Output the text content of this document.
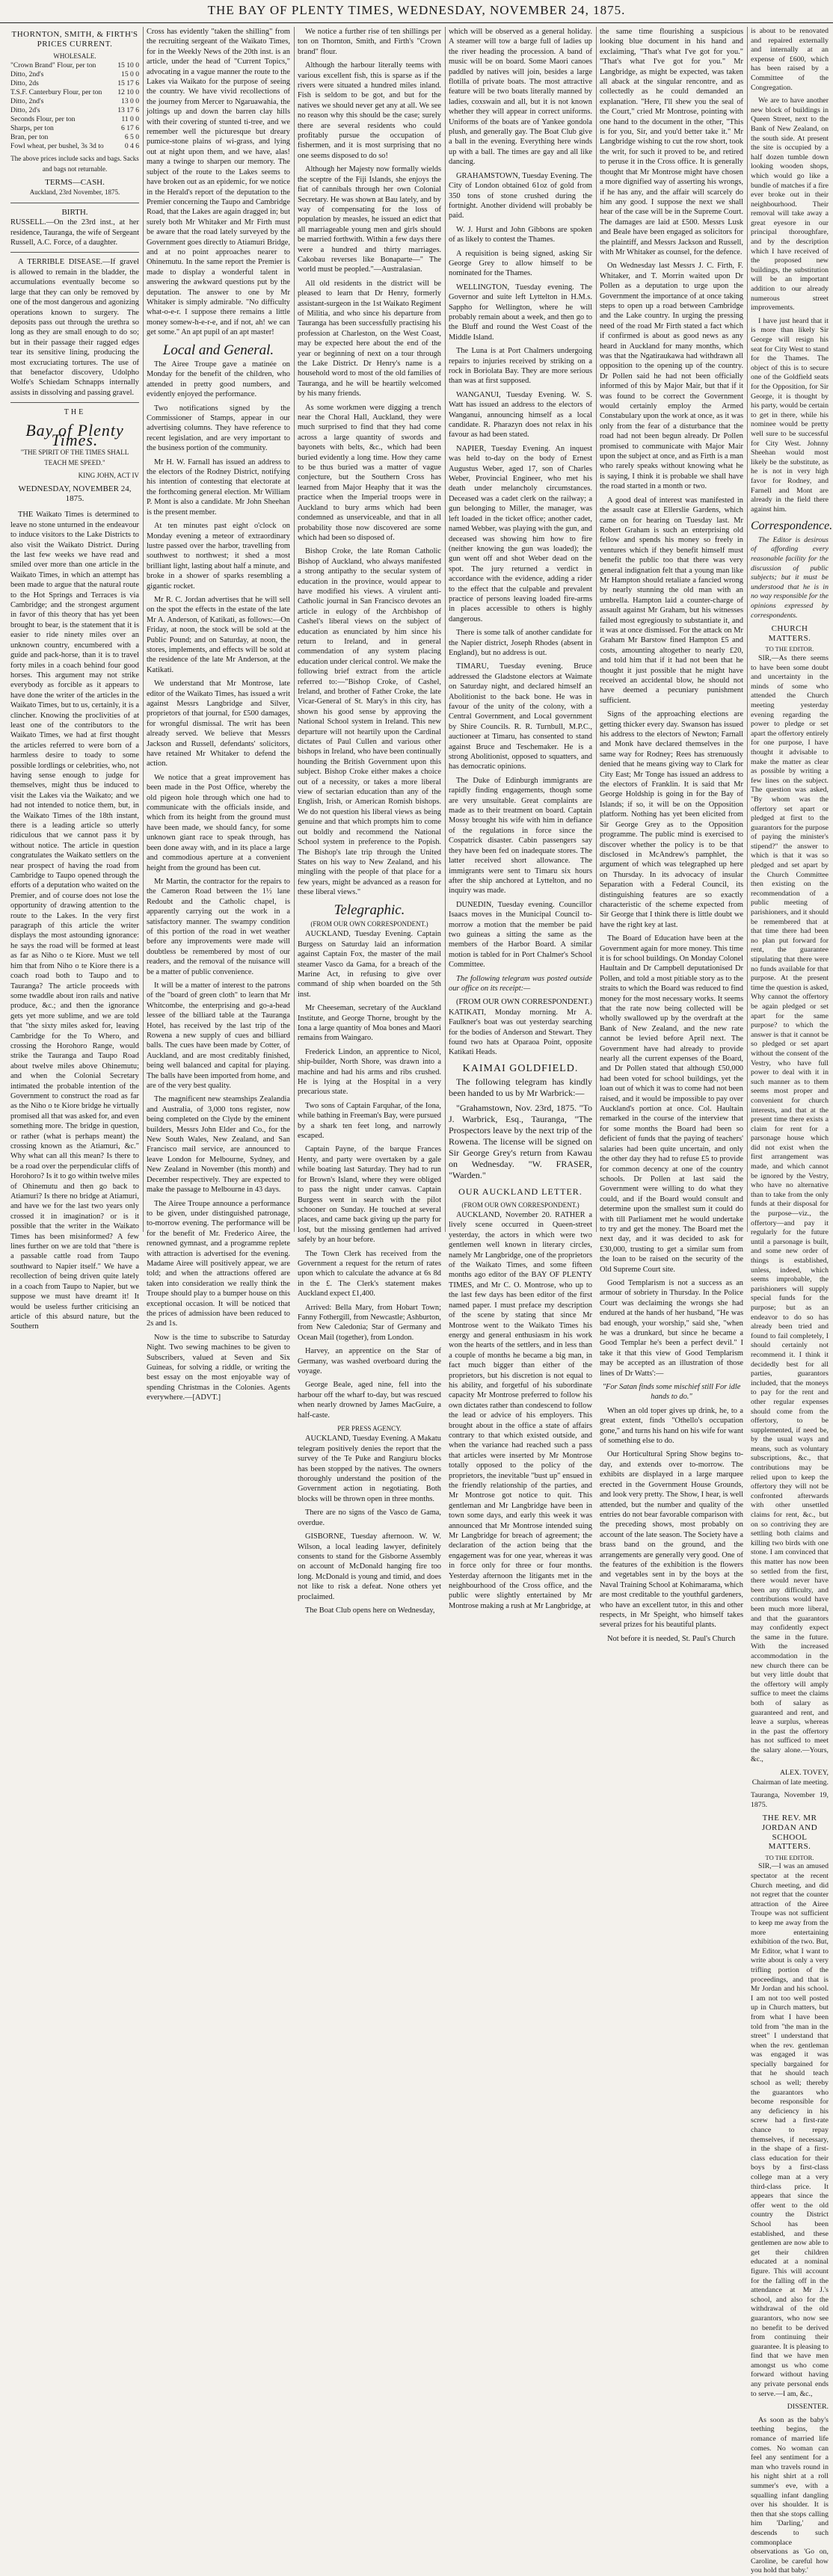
THE BAY OF PLENTY TIMES, WEDNESDAY, NOVEMBER 24, 1875.
THORNTON, SMITH, & FIRTH'S PRICES CURRENT.
WHOLESALE.
"Crown Brand" Flour, per ton	15 10 0
Ditto, 2nd's	15 0 0
Ditto, 2ds	15 17 6
T.S.F. Canterbury Flour, per ton 12 10 0
Ditto, 2nd's	13 0 0
Ditto, 2d's	13 17 6
Seconds Flour, per ton	11 0 0
Sharps, per ton	6 17 6
Bran, per ton	6 5 0
Fowl wheat, per bushel, 3s 3d to	0 4 6

The above prices include sacks and bags. Sacks and bags not returnable.

TERMS—CASH.
Auckland, 23rd November, 1875.
BIRTH.

RUSSELL.—On the 23rd inst., at her residence, Tauranga, the wife of Sergeant Russell, A.C. Force, of a daughter.

A TERRIBLE DISEASE.—If gravel is allowed to remain in the bladder, the accumulations eventually become so large that they can only be removed by one of the most dangerous and agonizing operations known to surgery. The deposits pass out through the urethra so long as they are small enough to do so; but in their passage their ragged edges tear its sensitive lining, producing the most excruciating tortures. The use of that benefactor discovery, Udolpho Wolfe's Schiedam Schnapps internally assists in dissolving and passing gravel.

THE
Bay of Plenty Times.
"THE SPIRIT OF THE TIMES SHALL TEACH ME SPEED."
KING JOHN, ACT IV
WEDNESDAY, NOVEMBER 24, 1875.

THE Waikato Times is determined to leave no stone unturned in the endeavour to induce visitors to the Lake Districts to also visit the Waikato District. During the last few weeks we have read and smiled over more than one article in the Waikato Times, in which an attempt has been made to argue that the natural route to the Hot Springs and Terraces is via Cambridge; and the strongest argument in favor of this theory that has yet been brought to bear, is the statement that it is easier to ride ninety miles over an unknown country, encumbered with a guide and pack-horse, than it is to travel forty miles in a coach behind four good horses. This argument may not strike everybody as forcible as it appears to have done the writer of the articles in the Waikato Times, but to us, certainly, it is a clincher. Knowing the proclivities of at least one of the contributors to the Waikato Times, we had at first thought the articles referred to were born of a harmless desire to toady to some possible lordlings or celebrities, who, not having sense enough to judge for themselves, might thus be induced to visit the Lakes via the Waikato; and we had not intended to notice them, but, in the Waikato Times of the 18th instant, there is a leading article so utterly ridiculous that we cannot pass it by without notice. The article in question congratulates the Waikato settlers on the near prospect of having the road from Cambridge to Taupo opened through the efforts of a deputation who waited on the Premier, and of course does not lose the opportunity of drawing attention to the route to the Lakes. In the very first paragraph of this article the writer displays the most astounding ignorance: he says the road will be formed at least as far as Niho o te Kiore. Must we tell him that from Niho o te Kiore there is a coach road both to Taupo and to Tauranga? The article proceeds with some twaddle about iron rails and native produce, &c.; and then the ignorance gets yet more sublime, and we are told that "the sixty miles asked for, leaving Cambridge for the To Whero, and crossing the Horohoro Range, would strike the Tauranga and Taupo Road about twelve miles above Ohinemutu; and when the Colonial Secretary intimated the probable intention of the Government to construct the road as far as the Niho o te Kiore bridge he virtually promised all that was asked for, and even something more. The bridge in question, or rather (what is perhaps meant) the crossing known as the Atiamuri, &c." Why what can all this mean? Is there to be a road over the perpendicular cliffs of Horohoro? Is it to go within twelve miles of Ohinemutu and then go back to Atiamuri? Is there no bridge at Atiamuri, and have we for the last two years only crossed it in imagination? or is it possible that the writer in the Waikato Times has been misinformed? A few lines further on we are told that "there is a passable cattle road from Taupo southward to Napier itself." We have a recollection of being driven quite lately in a coach from Taupo to Napier, but we suppose we must have dreamt it! It would be useless further criticising an article of this absurd nature, but the Southern

Cross has evidently "taken the shilling" from the recruiting sergeant of the Waikato Times, for in the Weekly News of the 20th inst. is an article, under the head of "Current Topics," advocating in a vague manner the route to the Lakes via Waikato for the purpose of seeing the country. We have vivid recollections of the journey from Mercer to Ngaruawahia, the joltings up and down the barren clay hills with their covering of stunted ti-tree, and we remember well the picturesque but dreary pumice-stone plains of wi-grass, and lying out at night upon them, and we have, alas! many a twinge to sharpen our memory. The subject of the route to the Lakes seems to have broken out as an epidemic, for we notice in the Herald's report of the deputation to the Premier concerning the Taupo and Cambridge Road, that the Lakes are again dragged in; but surely both Mr Whitaker and Mr Firth must be aware that the road lately surveyed by the Government goes directly to Atiamuri Bridge, and at no point approaches nearer to Ohinemutu. In the same report the Premier is made to display a wonderful talent in answering the awkward questions put by the deputation. The answer to one by Mr Whitaker is simply admirable. "No difficulty what-o-e-r. I suppose there remains a little money somew-h-e-r-e, and if not, ah! we can get some." An apt pupil of an apt master!

Local and General.

The Airee Troupe gave a matinée on Monday for the benefit of the children, who attended in pretty good numbers, and evidently enjoyed the performance.

Two notifications signed by the Commissioner of Stamps, appear in our advertising columns. They have reference to recent legislation, and are very important to the business portion of the community.

Mr H. W. Farnall has issued an address to the electors of the Rodney District, notifying his intention of contesting that electorate at the forthcoming general election. Mr William P. Mont is also a candidate. Mr John Sheehan is the present member.

At ten minutes past eight o'clock on Monday evening a meteor of extraordinary lustre passed over the harbor, travelling from southwest to northwest; it shed a most brilliant light, lasting about half a minute, and broke in a shower of sparks resembling a gigantic rocket.

Mr R. C. Jordan advertises that he will sell on the spot the effects in the estate of the late Mr A. Anderson, of Katikati, as follows:—On Friday, at noon, the stock will be sold at the Public Pound; and on Saturday, at noon, the stores, implements, and effects will be sold at the residence of the late Mr Anderson, at the Katikati.

We understand that Mr Montrose, late editor of the Waikato Times, has issued a writ against Messrs Langbridge and Silver, proprietors of that journal, for £500 damages, for wrongful dismissal. The writ has been already served. We believe that Messrs Jackson and Russell, defendants' solicitors, have retained Mr Whitaker to defend the action.

We notice that a great improvement has been made in the Post Office, whereby the old pigeon hole through which one had to communicate with the officials inside, and which from its height from the ground must have been made, we should fancy, for some unknown giant race to speak through, has been done away with, and in its place a large and commodious aperture at a convenient height from the ground has been cut.

Mr Martin, the contractor for the repairs to the Cameron Road between the 1½ lane Redoubt and the Catholic chapel, is apparently carrying out the work in a satisfactory manner. The swampy condition of this portion of the road in wet weather before any improvements were made will doubtless be remembered by most of our readers, and the removal of the nuisance will be a matter of public convenience.

It will be a matter of interest to the patrons of the "board of green cloth" to learn that Mr Whitcombe, the enterprising and go-a-head lessee of the billiard table at the Tauranga Hotel, has received by the last trip of the Rowena a new supply of cues and billiard balls. The cues have been made by Cotter, of Auckland, and are most creditably finished, being well balanced and capital for playing. The balls have been imported from home, and are of the very best quality.

The magnificent new steamships Zealandia and Australia, of 3,000 tons register, now being completed on the Clyde by the eminent builders, Messrs John Elder and Co., for the New South Wales, New Zealand, and San Francisco mail service, are announced to leave London for Melbourne, Sydney, and New Zealand in November (this month) and December respectively. They are expected to make the passage to Melbourne in 43 days.

The Airee Troupe announce a performance to be given, under distinguished patronage, to-morrow evening. The performance will be for the benefit of Mr. Frederico Airee, the renowned gymnast, and a programme replete with attraction is advertised for the evening. Madame Airee will positively appear, we are told; and when the attractions offered are taken into consideration we really think the Troupe should play to a bumper house on this exceptional occasion. It will be noticed that the prices of admission have been reduced to 2s and 1s.

Now is the time to subscribe to Saturday Night. Two sewing machines to be given to Subscribers, valued at Seven and Six Guineas, for solving a riddle, or writing the best essay on the most enjoyable way of spending Christmas in the Colonies. Agents everywhere.—[ADVT.]

We notice a further rise of ten shillings per ton on Thornton, Smith, and Firth's "Crown brand" flour.

Although the harbour literally teems with various excellent fish, this is sparse as if the rivers were situated a hundred miles inland. Fish is seldom to be got, and but for the natives we should never get any at all. We see no reason why this should be the case; surely there are several residents who could profitably pursue the occupation of fishermen, and it is most surprising that no one seems disposed to do so!

Although her Majesty now formally wields the sceptre of the Fiji Islands, she enjoys the fiat of cannibals through her own Colonial Secretary. He was shown at Bau lately, and by way of compensating for the loss of population by measles, he issued an edict that all marriageable young men and girls should be married forthwith. Within a few days there were a hundred and thirty marriages. Cakobau reverses like Bonaparte—" The world must be peopled."—Australasian.

All old residents in the district will be pleased to learn that Dr Henry, formerly assistant-surgeon in the 1st Waikato Regiment of Militia, and who since his departure from Tauranga has been successfully practising his profession at Charleston, on the West Coast, may be expected here about the end of the year or beginning of next on a tour through the Lake District. Dr Henry's name is a household word to most of the old families of Tauranga, and he will be heartily welcomed by his many friends.

As some workmen were digging a trench near the Choral Hall, Auckland, they were much surprised to find that they had come across a large quantity of swords and bayonets with belts, &c., which had been buried evidently a long time. How they came to be thus buried was a matter of vague conjecture, but the Southern Cross has learned from Major Heaphy that it was the practice when the Imperial troops were in Auckland to bury arms which had been condemned as unserviceable, and that in all probability those now discovered are some which had been so disposed of.

Bishop Croke, the late Roman Catholic Bishop of Auckland, who always manifested a strong antipathy to the secular system of education in the province, would appear to have modified his views. A virulent anti-Catholic journal in San Francisco devotes an article in eulogy of the Archbishop of Cashel's liberal views on the subject of education as enunciated by him since his return to Ireland, and in general commendation of any system placing education under clerical control. We make the following brief extract from the article referred to:—"Bishop Croke, of Cashel, Ireland, and brother of Father Croke, the late Vicar-General of St. Mary's in this city, has shown his good sense by approving the National School system in Ireland. This new departure will not heartily upon the Cardinal dictates of Paul Cullen and various other bishops in Ireland, who have been continually hounding the British Government upon this subject. Bishop Croke either makes a choice out of a necessity, or takes a more liberal view of sectarian education than any of the English, Irish, or American Romish bishops. We do not question his liberal views as being genuine and that which prompts him to come out boldly and recommend the National School system in preference to the Popish. The Bishop's late trip through the United States on his way to New Zealand, and his mingling with the people of that place for a few years, might be advanced as a reason for these liberal views."

Telegraphic.
(FROM OUR OWN CORRESPONDENT.)

AUCKLAND, Tuesday Evening. Captain Burgess on Saturday laid an information against Captain Fox, the master of the mail steamer Vasco da Gama, for a breach of the Marine Act, in refusing to give over command of ship when boarded on the 5th inst.

Mr Cheeseman, secretary of the Auckland Institute, and George Thorne, brought by the Iona a large quantity of Moa bones and Maori remains from Waingaro.

Frederick Lindon, an apprentice to Nicol, ship-builder, North Shore, was drawn into a machine and had his arms and ribs crushed. He is lying at the Hospital in a very precarious state.

Two sons of Captain Farquhar, of the Iona, while bathing in Freeman's Bay, were pursued by a shark ten feet long, and narrowly escaped.

Captain Payne, of the barque Frances Henty, and party were overtaken by a gale while boating last Saturday. They had to run for Brown's Island, where they were obliged to pass the night under canvas. Captain Burgess went in search with the pilot schooner on Sunday. He touched at several places, and came back giving up the party for lost, but the missing gentlemen had arrived safely by an hour before.

The Town Clerk has received from the Government a request for the return of rates upon which to calculate the advance at 6s 8d in the £. The Clerk's statement makes Auckland expect £1,400.

Arrived: Bella Mary, from Hobart Town; Fanny Fothergill, from Newcastle; Ashburton, from New Caledonia; Star of Germany and Ocean Mail (together), from London.

Harvey, an apprentice on the Star of Germany, was washed overboard during the voyage.

George Beale, aged nine, fell into the harbour off the wharf to-day, but was rescued when nearly drowned by James MacGuire, a half-caste.

PER PRESS AGENCY.

AUCKLAND, Tuesday Evening. A Makatu telegram positively denies the report that the survey of the Te Puke and Rangiuru blocks has been stopped by the natives. The owners thoroughly understand the position of the Government action in negotiating. Both blocks will be thrown open in three months.

There are no signs of the Vasco de Gama, overdue.

GISBORNE, Tuesday afternoon. W. W. Wilson, a local leading lawyer, definitely consents to stand for the Gisborne Assembly on account of McDonald hanging fire too long. McDonald is young and timid, and does not like to risk a defeat. None others yet proclaimed.

The Boat Club opens here on Wednesday,

which will be observed as a general holiday. A steamer will tow a barge full of ladies up the river heading the procession. A band of music will be on board. Some Maori canoes paddled by natives will join, besides a large flotilla of private boats. The most attractive feature will be two boats literally manned by ladies, coxswain and all, but it is not known whether they will appear in correct uniforms. Uniforms of the boats are of Yankee gondola plush, and generally gay. The Boat Club give a ball in the evening. Everything here winds up with a ball. The times are gay and all like dancing.

GRAHAMSTOWN, Tuesday Evening. The City of London obtained 61oz of gold from 350 tons of stone crushed during the fortnight. Another dividend will probably be paid.

W. J. Hurst and John Gibbons are spoken of as likely to contest the Thames.

A requisition is being signed, asking Sir George Grey to allow himself to be nominated for the Thames.

WELLINGTON, Tuesday evening. The Governor and suite left Lyttelton in H.M.s. Sappho for Wellington, where he will probably remain about a week, and then go to the Bluff and round the West Coast of the Middle Island.

The Luna is at Port Chalmers undergoing repairs to injuries received by striking on a rock in Boriolata Bay. They are more serious than was at first supposed.

WANGANUI, Tuesday Evening. W. S. Watt has issued an address to the electors of Wanganui, announcing himself as a local candidate. R. Pharazyn does not relax in his favour as had been stated.

NAPIER, Tuesday Evening. An inquest was held to-day on the body of Ernest Augustus Weber, aged 17, son of Charles Weber, Provincial Engineer, who met his death under melancholy circumstances. Deceased was a cadet clerk on the railway; a gun belonging to Miller, the manager, was left loaded in the ticket office; another cadet, named Webber, was playing with the gun, and deceased was showing him how to fire (neither knowing the gun was loaded); the gun went off and shot Weber dead on the spot. The jury returned a verdict in accordance with the evidence, adding a rider to the effect that the culpable and prevalent practice of persons leaving loaded fire-arms in places accessible to others is highly dangerous.

There is some talk of another candidate for the Napier district, Joseph Rhodes (absent in England), but no address is out.

TIMARU, Tuesday evening. Bruce addressed the Gladstone electors at Waimate on Saturday night, and declared himself an Abolitionist to the back bone. He was in favour of the unity of the colony, with a Central Government, and Local government by Shire Councils. R. R. Turnbull, M.P.C., auctioneer at Timaru, has consented to stand against Bruce and Teschemaker. He is a strong Abolitionist, opposed to squatters, and has democratic opinions.

The Duke of Edinburgh immigrants are rapidly finding engagements, though some are very unsuitable. Great complaints are made as to their treatment on board. Captain Mossy brought his wife with him in defiance of the regulations in force since the Cospatrick disaster. Cabin passengers say they have been fed on inadequate stores. The latter received short allowance. The immigrants were sent to Timaru six hours after the ship anchored at Lyttelton, and no inquiry was made.

DUNEDIN, Tuesday evening. Councillor Isaacs moves in the Municipal Council to-morrow a motion that the member be paid two guineas a sitting the same as the members of the Harbor Board. A similar motion is tabled for in Port Chalmer's School Committee.

The following telegram was posted outside our office on its receipt:—

(FROM OUR OWN CORRESPONDENT.) KATIKATI, Monday morning. Mr A. Faulkner's boat was out yesterday searching for the bodies of Anderson and Stewart. They found two hats at Oparaoa Point, opposite Katikati Heads.

KAIMAI GOLDFIELD.

The following telegram has kindly been handed to us by Mr Warbrick:—

"Grahamstown, Nov. 23rd, 1875. "To J. Warbrick, Esq., Tauranga, "The Prospectors leave by the next trip of the Rowena. The license will be signed on Sir George Grey's return from Kawau on Wednesday. "W. FRASER, "Warden."

OUR AUCKLAND LETTER.
(FROM OUR OWN CORRESPONDENT.)

AUCKLAND, November 20. RATHER a lively scene occurred in Queen-street yesterday, the actors in which were two gentlemen well known in literary circles, namely Mr Langbridge, one of the proprietors of the Waikato Times, and some fifteen months ago editor of the BAY OF PLENTY TIMES, and Mr C. O. Montrose, who up to the last few days has been editor of the first named paper. I must preface my description of the scene by stating that since Mr Montrose went to the Waikato Times his energy and general enthusiasm in his work won the hearts of the settlers, and in less than a couple of months he became a big man, in fact much bigger than either of the proprietors, but his discretion is not equal to his ability, and forgetful of his subordinate capacity Mr Montrose preferred to follow his own dictates rather than condescend to follow the lead or advice of his employers. This brought about in the office a state of affairs contrary to that which existed outside, and when the variance had reached such a pass that articles were inserted by Mr Montrose totally opposed to the policy of the proprietors, the inevitable "bust up" ensued in the friendly relationship of the parties, and Mr Montrose got notice to quit. This gentleman and Mr Langbridge have been in town some days, and early this week it was announced that Mr Montrose intended suing Mr Langbridge for breach of agreement; the declaration of the action being that the engagement was for one year, whereas it was in force only for three or four months. Yesterday afternoon the litigants met in the neighbourhood of the Cross office, and the public were slightly entertained by Mr Montrose making a rush at Mr Langbridge, at

the same time flourishing a suspicious looking blue document in his hand and exclaiming, "That's what I've got for you." "That's what I've got for you." Mr Langbridge, as might be expected, was taken all aback at the singular rencontre, and as collectedly as he could demanded an explanation. "Here, I'll shew you the seal of the Court," cried Mr Montrose, pointing with one hand to the document in the other, "This is for you, Sir, and you'd better take it." Mr Langbridge wishing to cut the row short, took the writ, for such it proved to be, and retired to peruse it in the Cross office. It is generally thought that Mr Montrose might have chosen a more dignified way of asserting his wrongs, if he has any, and the affair will scarcely do him any good. I suppose the next we shall hear of the case will be in the Supreme Court. The damages are laid at £500. Messrs Lusk and Beale have been engaged as solicitors for the plaintiff, and Messrs Jackson and Russell, with Mr Whitaker as counsel, for the defence.

On Wednesday last Messrs J. C. Firth, F. Whitaker, and T. Morrin waited upon Dr Pollen as a deputation to urge upon the Government the importance of at once taking steps to open up a road between Cambridge and the Lake country. In urging the pressing need of the road Mr Firth stated a fact which if confirmed is about as good news as any heard in Auckland for many months, which was that the Ngatiraukawa had withdrawn all opposition to the opening up of the country. Dr Pollen said he had not been officially informed of this by Major Mair, but that if it was found to be correct the Government would certainly employ the Armed Constabulary upon the work at once, as it was only from the fear of a disturbance that the road had not been begun already. Dr Pollen promised to communicate with Major Mair upon the subject at once, and as Firth is a man who rarely speaks without knowing what he is saying, I think it is probable we shall have the road started in a month or two.

A good deal of interest was manifested in the assault case at Ellerslie Gardens, which came on for hearing on Tuesday last. Mr Robert Graham is such an enterprising old fellow and spends his money so freely in ventures which if they benefit himself must benefit the public too that there was very general indignation felt that a young man like Mr Hampton should retaliate a fancied wrong by nearly stunning the old man with an umbrella. Hampton laid a counter-charge of assault against Mr Graham, but his witnesses failed most egregiously to substantiate it, and it was at once dismissed. For the attack on Mr Graham Mr Barstow fined Hampton £5 and costs, amounting altogether to nearly £20, and told him that if it had not been that he thought it just possible that he might have received an accidental blow, he should not have deemed a pecuniary punishment sufficient.

Signs of the approaching elections are getting thicker every day. Swanson has issued his address to the electors of Newton; Farnall and Monk have declared themselves in the same way for Rodney; Rees has strenuously denied that he means giving way to Clark for City East; Mr Tonge has issued an address to the electors of Franklin. It is said that Mr George Holdship is going in for the Bay of Islands; if so, it will be on the Opposition platform. Nothing has yet been elicited from Sir George Grey as to the Opposition programme. The public mind is exercised to discover whether the policy is to be that disclosed in McAndrew's pamphlet, the argument of which was telegraphed up here on Thursday. In its advocacy of insular Separation with a Federal Council, its distinguishing features are so exactly characteristic of the scheme expected from Sir George that I think there is little doubt we have the right key at last.

The Board of Education have been at the Government again for more money. This time it is for school buildings. On Monday Colonel Haultain and Dr Campbell deputationised Dr Pollen, and told a most pitiable story as to the straits to which the Board was reduced to find money for the most necessary works. It seems that the rate now being collected will be wholly swallowed up by the overdraft at the Bank of New Zealand, and the new rate cannot be levied before April next. The Government have had already to provide nearly all the current expenses of the Board, and Dr Pollen stated that although £50,000 had been voted for school buildings, yet the loan out of which it was to come had not been raised, and it would be impossible to pay over Auckland's portion at once. Col. Haultain remarked in the course of the interview that for some months the Board had been so deficient of funds that the paying of teachers' salaries had been quite uncertain, and only the other day they had to refuse £5 to provide for common decency at one of the country schools. Dr Pollen at last said the Government were willing to do what they could, and if the Board would consult and determine upon the smallest sum it could do with till Parliament met he would undertake to try and get the money. The Board met the next day, and it was decided to ask for £30,000, trusting to get a similar sum from the loan to be raised on the security of the Old Supreme Court site.

Good Templarism is not a success as an armour of sobriety in Thursday. In the Police Court was declaiming the wrongs she had endured at the hands of her husband, "He was bad enough, your worship," said she, "when he was a drunkard, but since he became a Good Templar he's been a perfect devil." I take it that this view of Good Templarism may be accepted as an illustration of those lines of Dr Watts':—

"For Satan finds some mischief still For idle hands to do."

When an old toper gives up drink, he, to a great extent, finds "Othello's occupation gone," and turns his hand on his wife for want of something else to do.

Our Horticultural Spring Show begins to-day, and extends over to-morrow. The exhibits are displayed in a large marquee erected in the Government House Grounds, and look very pretty. The Show, I hear, is well attended, but the number and quality of the entries do not bear favorable comparison with the preceding shows, most probably on account of the late season. The Society have a brass band on the ground, and the arrangements are generally very good. One of the features of the exhibition is the flowers and vegetables sent in by the boys at the Naval Training School at Kohimarama, which are most creditable to the youthful gardeners, who have an excellent tutor, in this and other respects, in Mr Speight, who himself takes several prizes for his beautiful plants.

Not before it is needed, St. Paul's Church

is about to be renovated and repaired externally and internally at an expense of £600, which has been raised by a Committee of the Congregation.

We are to have another new block of buildings in Queen Street, next to the Bank of New Zealand, on the south side. At present the site is occupied by a half dozen tumble down looking wooden shops, which would go like a bundle of matches if a fire ever broke out in their neighbourhood. Their removal will take away a great eyesore in our principal thoroughfare, and by the description which I have received of the proposed new buildings, the substitution will be an important addition to our already numerous street improvements.

I have just heard that it is more than likely Sir George will resign his seat for City West to stand for the Thames. The object of this is to secure one of the Goldfield seats for the Opposition, for Sir George, it is thought by his party, would be certain to get in there, while his nominee would be pretty well sure to be successful for City West. Johnny Sheehan would most likely be the substitute, as he is not in very high favor for Rodney, and Farnell and Mont are already in the field there against him.

Correspondence.

The Editor is desirous of affording every reasonable facility for the discussion of public subjects; but it must be understood that he is in no way responsible for the opinions expressed by correspondents.

CHURCH MATTERS.
TO THE EDITOR.

SIR,—As there seems to have been some doubt and uncertainty in the minds of some who attended the Church meeting yesterday evening regarding the power to pledge or set apart the offertory entirely for one purpose, I have thought it advisable to make the matter as clear as possible by writing a few lines on the subject. The question was asked, "By whom was the offertory set apart or pledged at first to the guarantors for the purpose of paying the minister's stipend?" the answer to which is that it was so pledged and set apart by the Church Committee then existing on the recommendation of a public meeting of parishioners, and it should be remembered that at that time there had been no plan put forward for rent, the guarantee stipulating that there were no funds available for that purpose. At the present time the question is asked, Why cannot the offertory be again pledged or set apart for the same purpose? to which the answer is that it cannot be so pledged or set apart without the consent of the Vestry, who have full power to deal with it in such manner as to them seems most proper and convenient for church interests, and that at the present time there exists a claim for rent for a parsonage house which did not exist when the first arrangement was made, and which cannot be ignored by the Vestry, who have no alternative than to take from the only funds at their disposal for the purpose—viz., the offertory—and pay it regularly for the future until a parsonage is built, and some new order of things is established, unless, indeed, which seems improbable, the parishioners will supply special funds for the purpose; but as an endeavor to do so has already been tried and found to fail completely, I should certainly not recommend it. I think it decidedly best for all parties, guarantors included, that the moneys to pay for the rent and other regular expenses should come from the offertory, to be supplemented, if need be, by the usual ways and means, such as voluntary subscriptions, &c., that contributions may be relied upon to keep the offertory they will not be confronted afterwards with other unsettled claims for rent, &c., but on so contriving they are settling both claims and killing two birds with one stone. I am convinced that this matter has now been so settled from the first, there would never have been any difficulty, and contributions would have been much more liberal, and that the guarantors may confidently expect the same in the future. With the increased accommodation in the new church there can be but very little doubt that the offertory will amply suffice to meet the claims both of salary as guaranteed and rent, and leave a surplus, whereas in the past the offertory has not sufficed to meet the salary alone.—Yours, &c.,

ALEX. TOVEY, Chairman of late meeting.

Tauranga, November 19, 1875.

THE REV. MR JORDAN AND SCHOOL MATTERS.
TO THE EDITOR.

SIR,—I was an amused spectator at the recent Church meeting, and did not regret that the counter attraction of the Airee Troupe was not sufficient to keep me away from the more entertaining exhibition of the two. But, Mr Editor, what I want to write about is only a very trifling portion of the proceedings, and that is Mr Jordan and his school. I am not too well posted up in Church matters, but from what I have been told from "the man in the street" I understand that when the rev. gentleman was engaged it was specially bargained for that he should teach school as well; thereby the guarantors who become responsible for any deficiency in his screw had a first-rate chance to repay themselves, if necessary, in the shape of a first-class education for their boys by a first-class college man at a very third-class price. It appears that since the offer went to the old country the District School has been established, and these gentlemen are now able to get their children educated at a nominal figure. This will account for the falling off in the attendance at Mr J.'s school, and also for the withdrawal of the old guarantors, who now see no benefit to be derived from continuing their guarantee. It is pleasing to find that we have men amongst us who come forward without having any private personal ends to serve.—I am, &c.,

DISSENTER.

As soon as the baby's teething begins, the romance of married life comes. No woman can feel any sentiment for a man who travels round in his night shirt at a roll summer's eve, with a squalling infant dangling over his shoulder. It is then that she stops calling him 'Darling,' and descends to such commonplace observations as 'Go on, Caroline, be careful how you hold that baby.'
